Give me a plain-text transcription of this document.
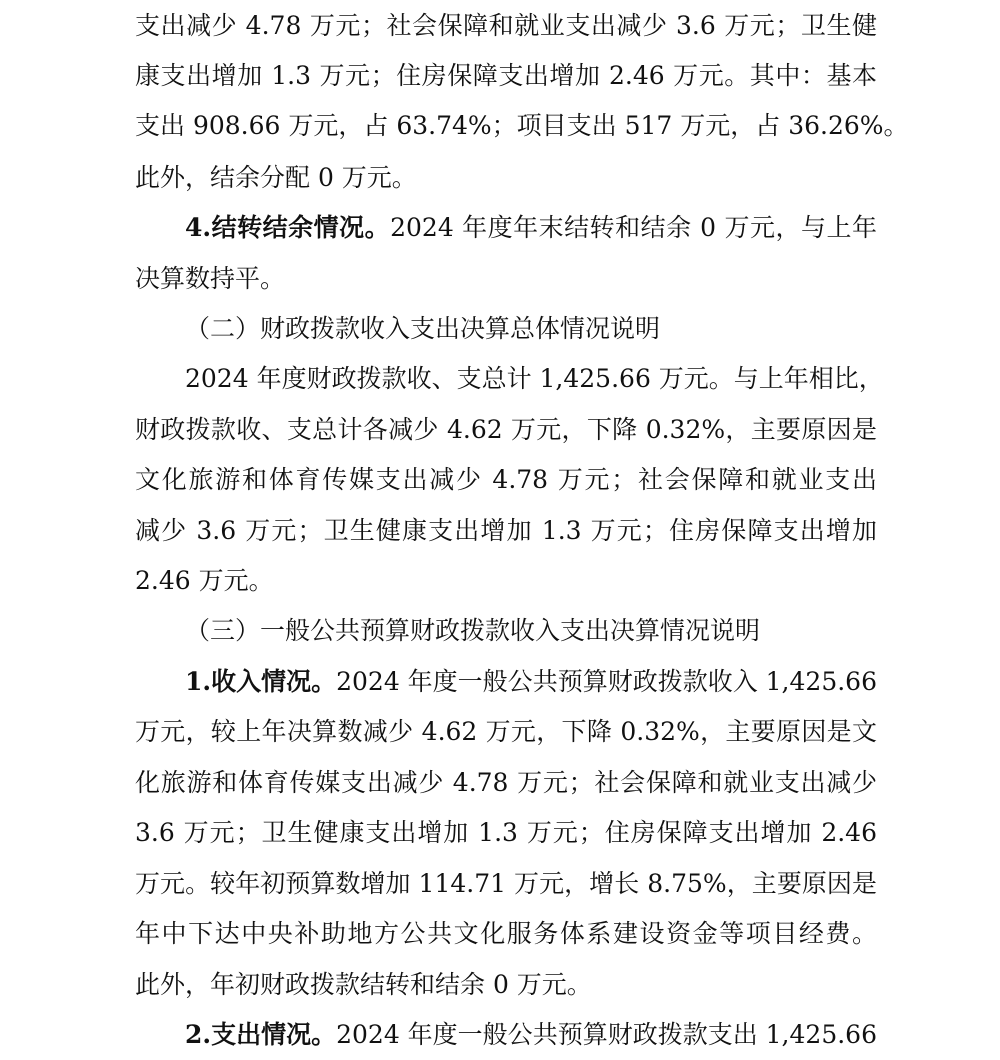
支出减少 4.78 万元；社会保障和就业支出减少 3.6 万元；卫生健
康支出增加 1.3 万元；住房保障支出增加 2.46 万元。其中：基本
支出 908.66 万元，占 63.74%；项目支出 517 万元，占 36.26%。
此外，结余分配 0 万元。
4.结转结余情况。2024 年度年末结转和结余 0 万元，与上年
决算数持平。
（二）财政拨款收入支出决算总体情况说明
2024 年度财政拨款收、支总计 1,425.66 万元。与上年相比，
财政拨款收、支总计各减少 4.62 万元，下降 0.32%，主要原因是
文化旅游和体育传媒支出减少 4.78 万元；社会保障和就业支出
减少 3.6 万元；卫生健康支出增加 1.3 万元；住房保障支出增加
2.46 万元。
（三）一般公共预算财政拨款收入支出决算情况说明
1.收入情况。2024 年度一般公共预算财政拨款收入 1,425.66
万元，较上年决算数减少 4.62 万元，下降 0.32%，主要原因是文
化旅游和体育传媒支出减少 4.78 万元；社会保障和就业支出减少
3.6 万元；卫生健康支出增加 1.3 万元；住房保障支出增加 2.46
万元。较年初预算数增加 114.71 万元，增长 8.75%，主要原因是
年中下达中央补助地方公共文化服务体系建设资金等项目经费。
此外，年初财政拨款结转和结余 0 万元。
2.支出情况。2024 年度一般公共预算财政拨款支出 1,425.66
